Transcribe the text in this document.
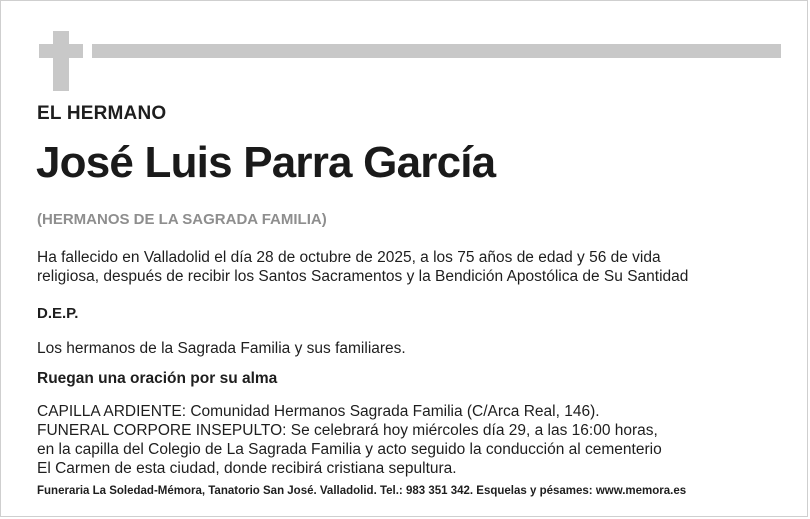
EL HERMANO
José Luis Parra García
(HERMANOS DE LA SAGRADA FAMILIA)
Ha fallecido en Valladolid el día 28 de octubre de 2025, a los 75 años de edad y 56 de vida
religiosa, después de recibir los Santos Sacramentos y la Bendición Apostólica de Su Santidad
D.E.P.
Los hermanos de la Sagrada Familia y sus familiares.
Ruegan una oración por su alma
CAPILLA ARDIENTE: Comunidad Hermanos Sagrada Familia (C/Arca Real, 146).
FUNERAL CORPORE INSEPULTO: Se celebrará hoy miércoles día 29, a las 16:00 horas,
en la capilla del Colegio de La Sagrada Familia y acto seguido la conducción al cementerio
El Carmen de esta ciudad, donde recibirá cristiana sepultura.
Funeraria La Soledad-Mémora, Tanatorio San José. Valladolid. Tel.: 983 351 342. Esquelas y pésames: www.memora.es
